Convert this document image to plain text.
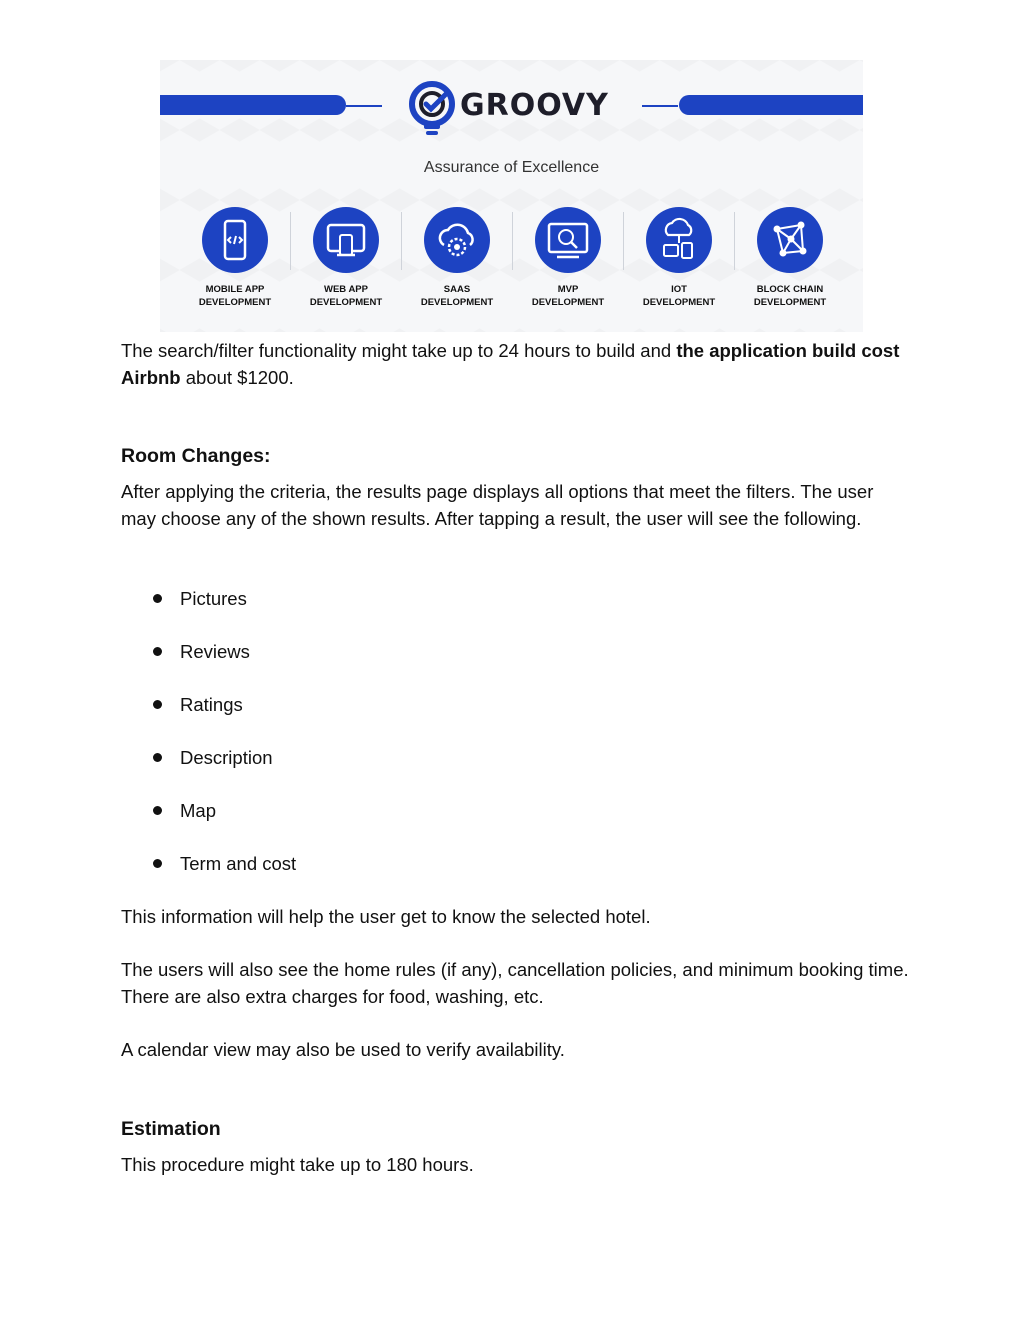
GROOVY
Assurance of Excellence
MOBILE APP
DEVELOPMENT
WEB APP
DEVELOPMENT
SAAS
DEVELOPMENT
MVP
DEVELOPMENT
IOT
DEVELOPMENT
BLOCK CHAIN
DEVELOPMENT
The search/filter functionality might take up to 24 hours to build and the application build cost Airbnb about $1200.
Room Changes:
After applying the criteria, the results page displays all options that meet the filters. The user may choose any of the shown results. After tapping a result, the user will see the following.
Pictures
Reviews
Ratings
Description
Map
Term and cost
This information will help the user get to know the selected hotel.
The users will also see the home rules (if any), cancellation policies, and minimum booking time. There are also extra charges for food, washing, etc.
A calendar view may also be used to verify availability.
Estimation
This procedure might take up to 180 hours.
